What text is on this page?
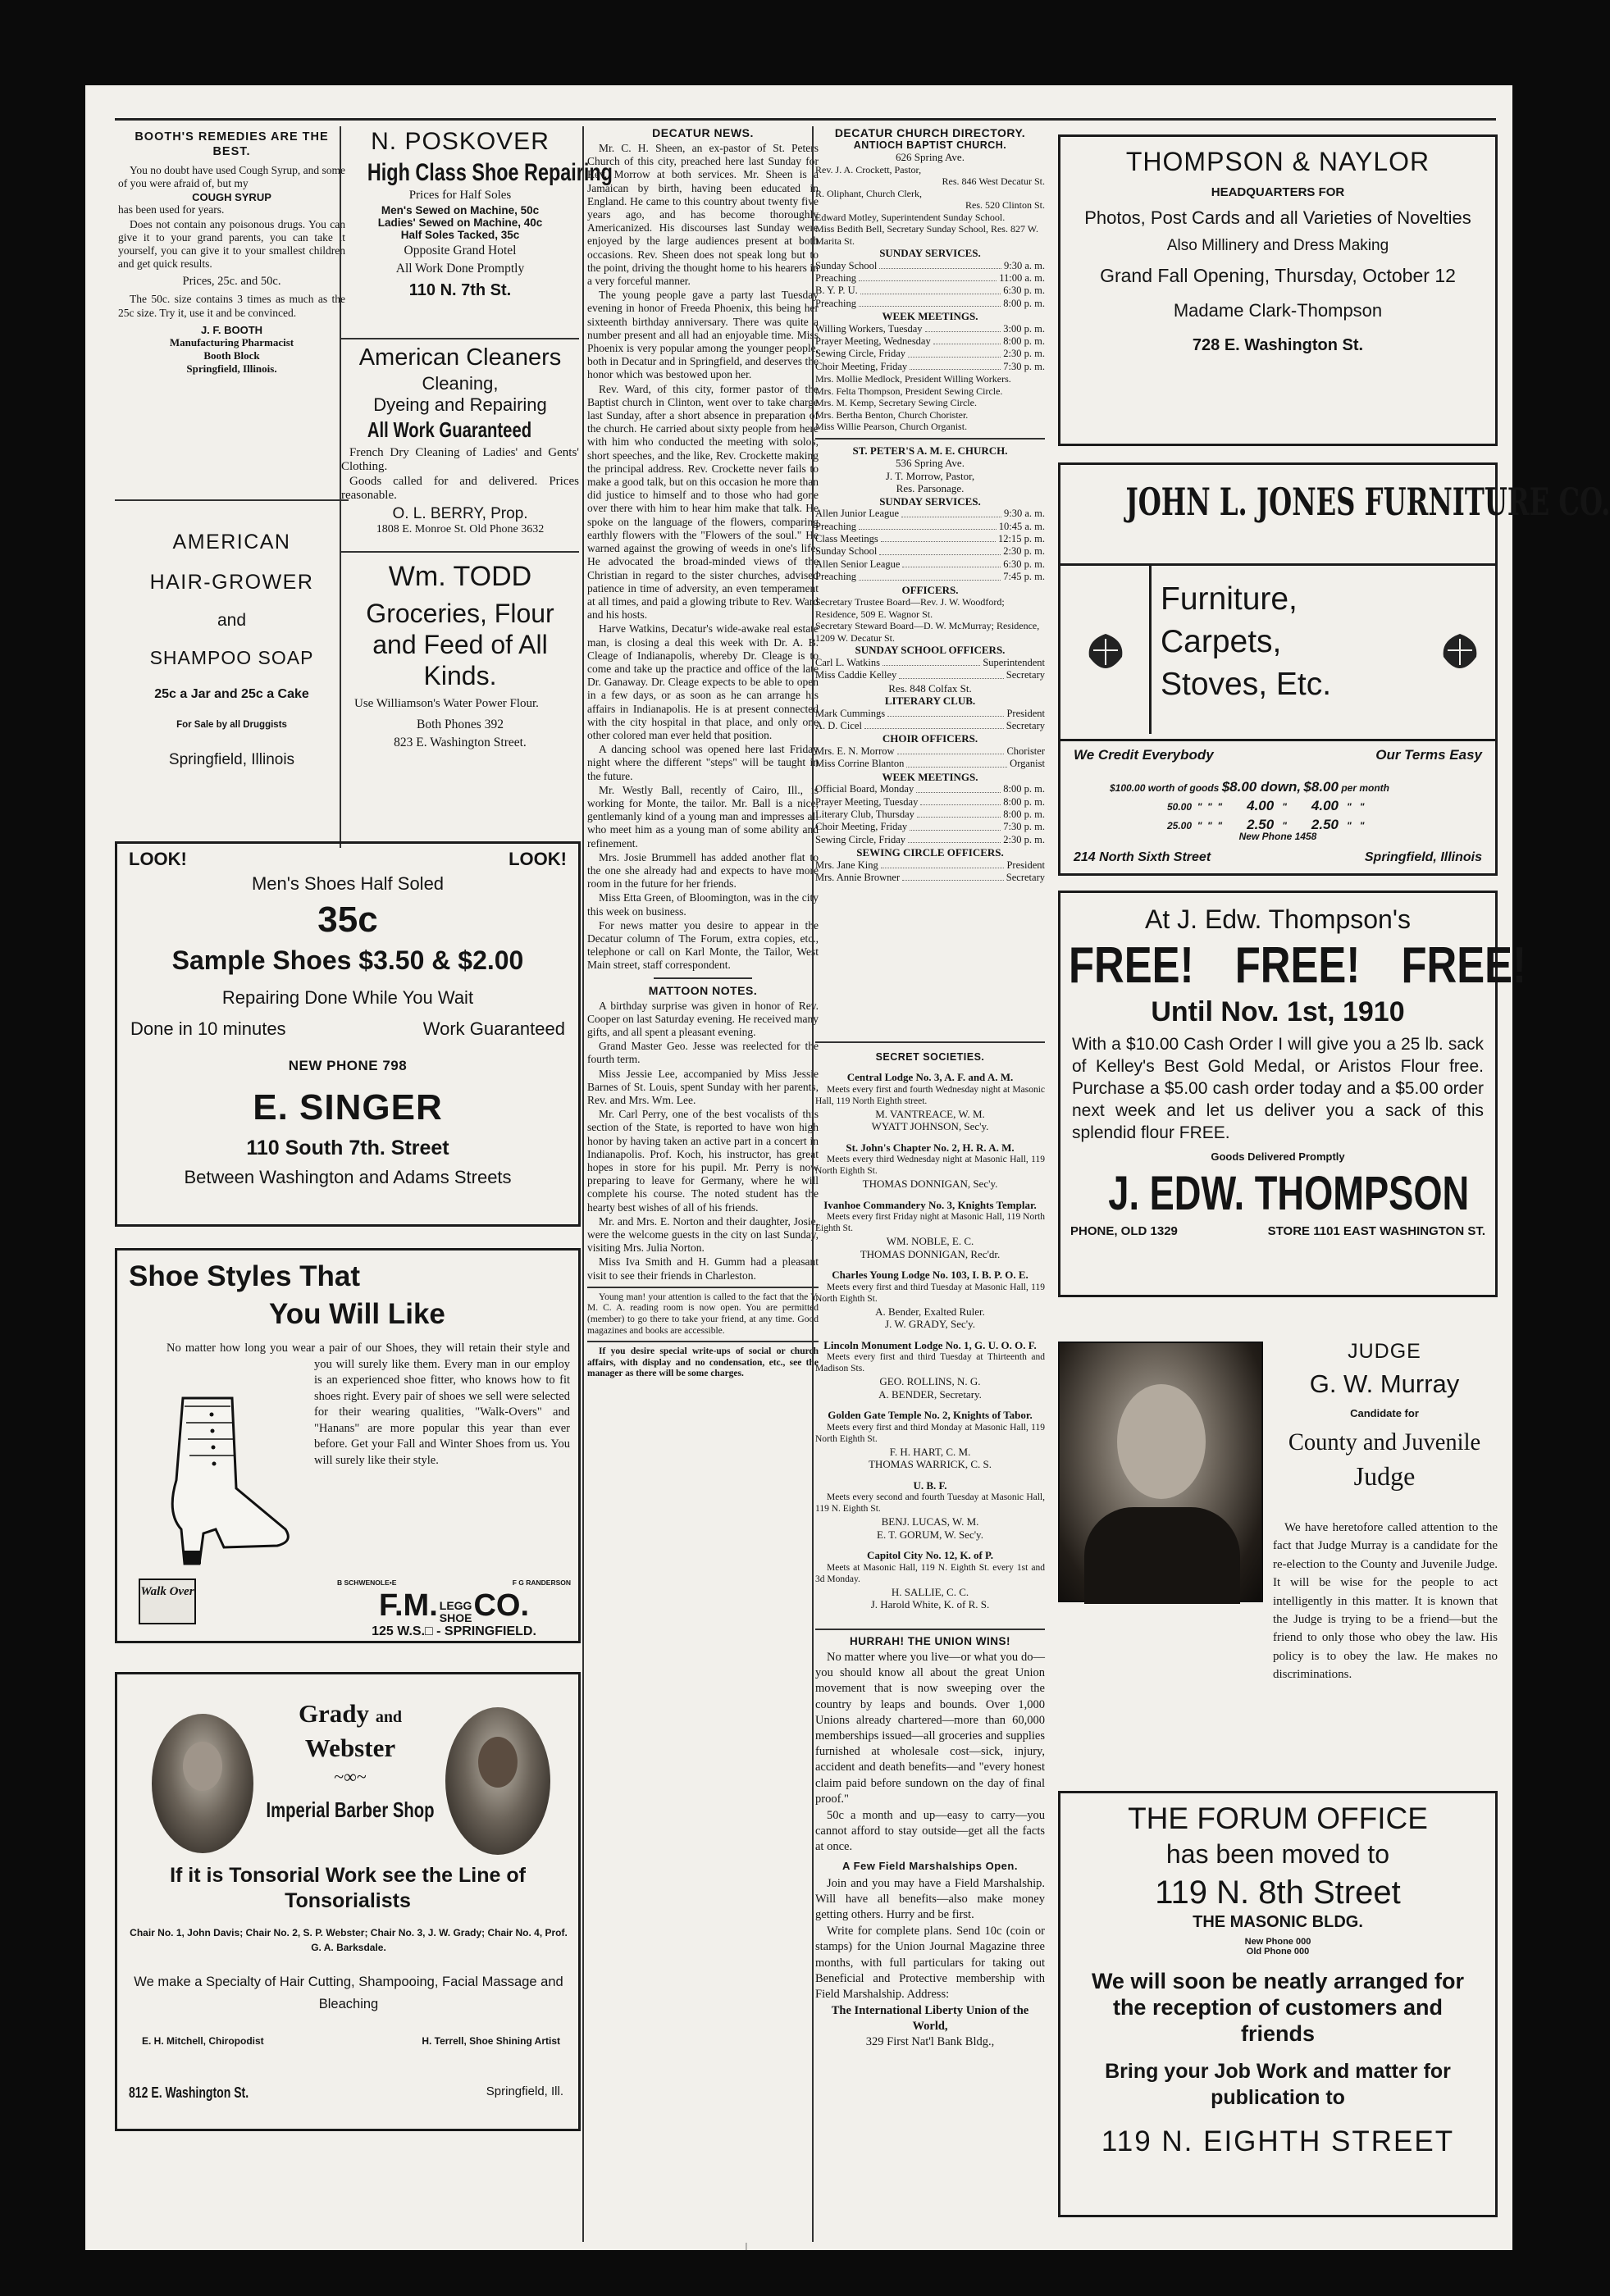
BOOTH'S REMEDIES ARE THE BEST.

You no doubt have used Cough Syrup, and some of you were afraid of, but my

COUGH SYRUP

has been used for years.

Does not contain any poisonous drugs. You can give it to your grand parents, you can take it yourself, you can give it to your smallest children and get quick results.

Prices, 25c. and 50c.

The 50c. size contains 3 times as much as the 25c size. Try it, use it and be convinced.

J. F. BOOTH
Manufacturing Pharmacist
Booth Block
Springfield, Illinois.
AMERICAN
HAIR-GROWER
and
SHAMPOO SOAP
25c a Jar and 25c a Cake
For Sale by all Druggists
Springfield, Illinois
N. POSKOVER
High Class Shoe Repairing
Prices for Half Soles
Men's Sewed on Machine, 50c
Ladies' Sewed on Machine, 40c
Half Soles Tacked, 35c
Opposite Grand Hotel
All Work Done Promptly
110 N. 7th St.
American Cleaners
Cleaning,
Dyeing and Repairing
All Work Guaranteed

French Dry Cleaning of Ladies' and Gents' Clothing.

Goods called for and delivered. Prices reasonable.

O. L. BERRY, Prop.
1808 E. Monroe St. Old Phone 3632
Wm. TODD
Groceries, Flour and Feed of All Kinds.

Use Williamson's Water Power Flour.

Both Phones 392
823 E. Washington Street.
LOOK!	LOOK!
Men's Shoes Half Soled
35c
Sample Shoes $3.50 & $2.00
Repairing Done While You Wait
Done in 10 minutes	Work Guaranteed
NEW PHONE 798
E. SINGER
110 South 7th. Street
Between Washington and Adams Streets
Shoe Styles That
You Will Like
Walk Over

No matter how long you wear a pair of our Shoes, they will retain their style and you will surely like them. Every man in our employ is an experienced shoe fitter, who knows how to fit shoes right. Every pair of shoes we sell were selected for their wearing qualities, "Walk-Overs" and "Hanans" are more popular this year than ever before. Get your Fall and Winter Shoes from us. You will surely like their style.

B SCHWENOLE•E	F G RANDERSON
F.M. LEGG
SHOE CO.
125 W.S.□ - SPRINGFIELD.
Grady and
Webster
~∞~
Imperial Barber Shop
If it is Tonsorial Work see the Line of Tonsorialists
Chair No. 1, John Davis; Chair No. 2, S. P. Webster; Chair No. 3, J. W. Grady; Chair No. 4, Prof. G. A. Barksdale.
We make a Specialty of Hair Cutting, Shampooing, Facial Massage and Bleaching
E. H. Mitchell, Chiropodist	H. Terrell, Shoe Shining Artist
812 E. Washington St.	Springfield, Ill.
DECATUR NEWS.

Mr. C. H. Sheen, an ex-pastor of St. Peters Church of this city, preached here last Sunday for Rev. Morrow at both services. Mr. Sheen is a Jamaican by birth, having been educated in England. He came to this country about twenty five years ago, and has become thoroughly Americanized. His discourses last Sunday were enjoyed by the large audiences present at both occasions. Rev. Sheen does not speak long but to the point, driving the thought home to his hearers in a very forceful manner.

The young people gave a party last Tuesday evening in honor of Freeda Phoenix, this being her sixteenth birthday anniversary. There was quite a number present and all had an enjoyable time. Miss Phoenix is very popular among the younger people, both in Decatur and in Springfield, and deserves the honor which was bestowed upon her.

Rev. Ward, of this city, former pastor of the Baptist church in Clinton, went over to take charge last Sunday, after a short absence in preparation of the church. He carried about sixty people from here with him who conducted the meeting with solos, short speeches, and the like, Rev. Crockette making the principal address. Rev. Crockette never fails to make a good talk, but on this occasion he more than did justice to himself and to those who had gone over there with him to hear him make that talk. He spoke on the language of the flowers, comparing earthly flowers with the "Flowers of the soul." He warned against the growing of weeds in one's life. He advocated the broad-minded views of the Christian in regard to the sister churches, advised patience in time of adversity, an even temperament at all times, and paid a glowing tribute to Rev. Ward and his hosts.

Harve Watkins, Decatur's wide-awake real estate man, is closing a deal this week with Dr. A. B. Cleage of Indianapolis, whereby Dr. Cleage is to come and take up the practice and office of the late Dr. Ganaway. Dr. Cleage expects to be able to open in a few days, or as soon as he can arrange his affairs in Indianapolis. He is at present connected with the city hospital in that place, and only one other colored man ever held that position.

A dancing school was opened here last Friday night where the different "steps" will be taught in the future.

Mr. Westly Ball, recently of Cairo, Ill., is working for Monte, the tailor. Mr. Ball is a nice, gentlemanly kind of a young man and impresses all who meet him as a young man of some ability and refinement.

Mrs. Josie Brummell has added another flat to the one she already had and expects to have more room in the future for her friends.

Miss Etta Green, of Bloomington, was in the city this week on business.

For news matter you desire to appear in the Decatur column of The Forum, extra copies, etc., telephone or call on Karl Monte, the Tailor, West Main street, staff correspondent.

MATTOON NOTES.

A birthday surprise was given in honor of Rev. Cooper on last Saturday evening. He received many gifts, and all spent a pleasant evening.

Grand Master Geo. Jesse was reelected for the fourth term.

Miss Jessie Lee, accompanied by Miss Jessie Barnes of St. Louis, spent Sunday with her parents, Rev. and Mrs. Wm. Lee.

Mr. Carl Perry, one of the best vocalists of this section of the State, is reported to have won high honor by having taken an active part in a concert in Indianapolis. Prof. Koch, his instructor, has great hopes in store for his pupil. Mr. Perry is now preparing to leave for Germany, where he will complete his course. The noted student has the hearty best wishes of all of his friends.

Mr. and Mrs. E. Norton and their daughter, Josie, were the welcome guests in the city on last Sunday, visiting Mrs. Julia Norton.

Miss Iva Smith and H. Gumm had a pleasant visit to see their friends in Charleston.

Young man! your attention is called to the fact that the Y. M. C. A. reading room is now open. You are permitted (member) to go there to take your friend, at any time. Good magazines and books are accessible.

If you desire special write-ups of social or church affairs, with display and no condensation, etc., see the manager as there will be some charges.

DECATUR CHURCH DIRECTORY.
ANTIOCH BAPTIST CHURCH.
626 Spring Ave.
Rev. J. A. Crockett, Pastor,
Res. 846 West Decatur St.
R. Oliphant, Church Clerk,
Res. 520 Clinton St.
Edward Motley, Superintendent Sunday School.
Miss Bedith Bell, Secretary Sunday School, Res. 827 W. Marita St.
SUNDAY SERVICES.
Sunday School	9:30 a. m.
Preaching	11:00 a. m.
B. Y. P. U.	6:30 p. m.
Preaching	8:00 p. m.
WEEK MEETINGS.
Willing Workers, Tuesday	3:00 p. m.
Prayer Meeting, Wednesday	8:00 p. m.
Sewing Circle, Friday	2:30 p. m.
Choir Meeting, Friday	7:30 p. m.
Mrs. Mollie Medlock, President Willing Workers.
Mrs. Felta Thompson, President Sewing Circle.
Mrs. M. Kemp, Secretary Sewing Circle.
Mrs. Bertha Benton, Church Chorister.
Miss Willie Pearson, Church Organist.
ST. PETER'S A. M. E. CHURCH.
536 Spring Ave.
J. T. Morrow, Pastor,
Res. Parsonage.
SUNDAY SERVICES.
Allen Junior League	9:30 a. m.
Preaching	10:45 a. m.
Class Meetings	12:15 p. m.
Sunday School	2:30 p. m.
Allen Senior League	6:30 p. m.
Preaching	7:45 p. m.
OFFICERS.
Secretary Trustee Board—Rev. J. W. Woodford; Residence, 509 E. Wagnor St.
Secretary Steward Board—D. W. McMurray; Residence, 1209 W. Decatur St.
SUNDAY SCHOOL OFFICERS.
Carl L. Watkins	Superintendent
Miss Caddie Kelley	Secretary
Res. 848 Colfax St.
LITERARY CLUB.
Mark Cummings	President
A. D. Cicel	Secretary
CHOIR OFFICERS.
Mrs. E. N. Morrow	Chorister
Miss Corrine Blanton	Organist
WEEK MEETINGS.
Official Board, Monday	8:00 p. m.
Prayer Meeting, Tuesday	8:00 p. m.
Literary Club, Thursday	8:00 p. m.
Choir Meeting, Friday	7:30 p. m.
Sewing Circle, Friday	2:30 p. m.
SEWING CIRCLE OFFICERS.
Mrs. Jane King	President
Mrs. Annie Browner	Secretary
SECRET SOCIETIES.
Central Lodge No. 3, A. F. and A. M.
Meets every first and fourth Wednesday night at Masonic Hall, 119 North Eighth street.
M. VANTREACE, W. M.
WYATT JOHNSON, Sec'y.
St. John's Chapter No. 2, H. R. A. M.
Meets every third Wednesday night at Masonic Hall, 119 North Eighth St.
THOMAS DONNIGAN, Sec'y.
Ivanhoe Commandery No. 3, Knights Templar.
Meets every first Friday night at Masonic Hall, 119 North Eighth St.
WM. NOBLE, E. C.
THOMAS DONNIGAN, Rec'dr.
Charles Young Lodge No. 103, I. B. P. O. E.
Meets every first and third Tuesday at Masonic Hall, 119 North Eighth St.
A. Bender, Exalted Ruler.
J. W. GRADY, Sec'y.
Lincoln Monument Lodge No. 1, G. U. O. O. F.
Meets every first and third Tuesday at Thirteenth and Madison Sts.
GEO. ROLLINS, N. G.
A. BENDER, Secretary.
Golden Gate Temple No. 2, Knights of Tabor.
Meets every first and third Monday at Masonic Hall, 119 North Eighth St.
F. H. HART, C. M.
THOMAS WARRICK, C. S.
U. B. F.
Meets every second and fourth Tuesday at Masonic Hall, 119 N. Eighth St.
BENJ. LUCAS, W. M.
E. T. GORUM, W. Sec'y.
Capitol City No. 12, K. of P.
Meets at Masonic Hall, 119 N. Eighth St. every 1st and 3d Monday.
H. SALLIE, C. C.
J. Harold White, K. of R. S.
HURRAH! THE UNION WINS!

No matter where you live—or what you do—you should know all about the great Union movement that is now sweeping over the country by leaps and bounds. Over 1,000 Unions already chartered—more than 60,000 memberships issued—all groceries and supplies furnished at wholesale cost—sick, injury, accident and death benefits—and "every honest claim paid before sundown on the day of final proof."

50c a month and up—easy to carry—you cannot afford to stay outside—get all the facts at once.

A Few Field Marshalships Open.

Join and you may have a Field Marshalship. Will have all benefits—also make money getting others. Hurry and be first.

Write for complete plans. Send 10c (coin or stamps) for the Union Journal Magazine three months, with full particulars for taking out Beneficial and Protective membership with Field Marshalship. Address:

The International Liberty Union of the World,
329 First Nat'l Bank Bldg.,
THOMPSON & NAYLOR
HEADQUARTERS FOR
Photos, Post Cards and all Varieties of Novelties
Also Millinery and Dress Making
Grand Fall Opening, Thursday, October 12
Madame Clark-Thompson
728 E. Washington St.
JOHN L. JONES FURNITURE CO.
Furniture,
Carpets,
Stoves, Etc.
We Credit Everybody	Our Terms Easy
$100.00 worth of goods $8.00 down, $8.00 per month
50.00  "  "  "   4.00   "   4.00   "   "
25.00  "  "  "   2.50   "   2.50   "   "
New Phone 1458
214 North Sixth Street	Springfield, Illinois
At J. Edw. Thompson's
FREE! FREE! FREE!
Until Nov. 1st, 1910

With a $10.00 Cash Order I will give you a 25 lb. sack of Kelley's Best Gold Medal, or Aristos Flour free. Purchase a $5.00 cash order today and a $5.00 order next week and let us deliver you a sack of this splendid flour FREE.

Goods Delivered Promptly
J. EDW. THOMPSON
PHONE, OLD 1329	STORE 1101 EAST WASHINGTON ST.
JUDGE
G. W. Murray
Candidate for
County and Juvenile
Judge

We have heretofore called attention to the fact that Judge Murray is a candidate for the re-election to the County and Juvenile Judge. It will be wise for the people to act intelligently in this matter. It is known that the Judge is trying to be a friend—but the friend to only those who obey the law. His policy is to obey the law. He makes no discriminations.

THE FORUM OFFICE
has been moved to
119 N. 8th Street
THE MASONIC BLDG.
New Phone 000
Old Phone 000
We will soon be neatly arranged for the reception of customers and friends
Bring your Job Work and matter for publication to
119 N. EIGHTH STREET
|
